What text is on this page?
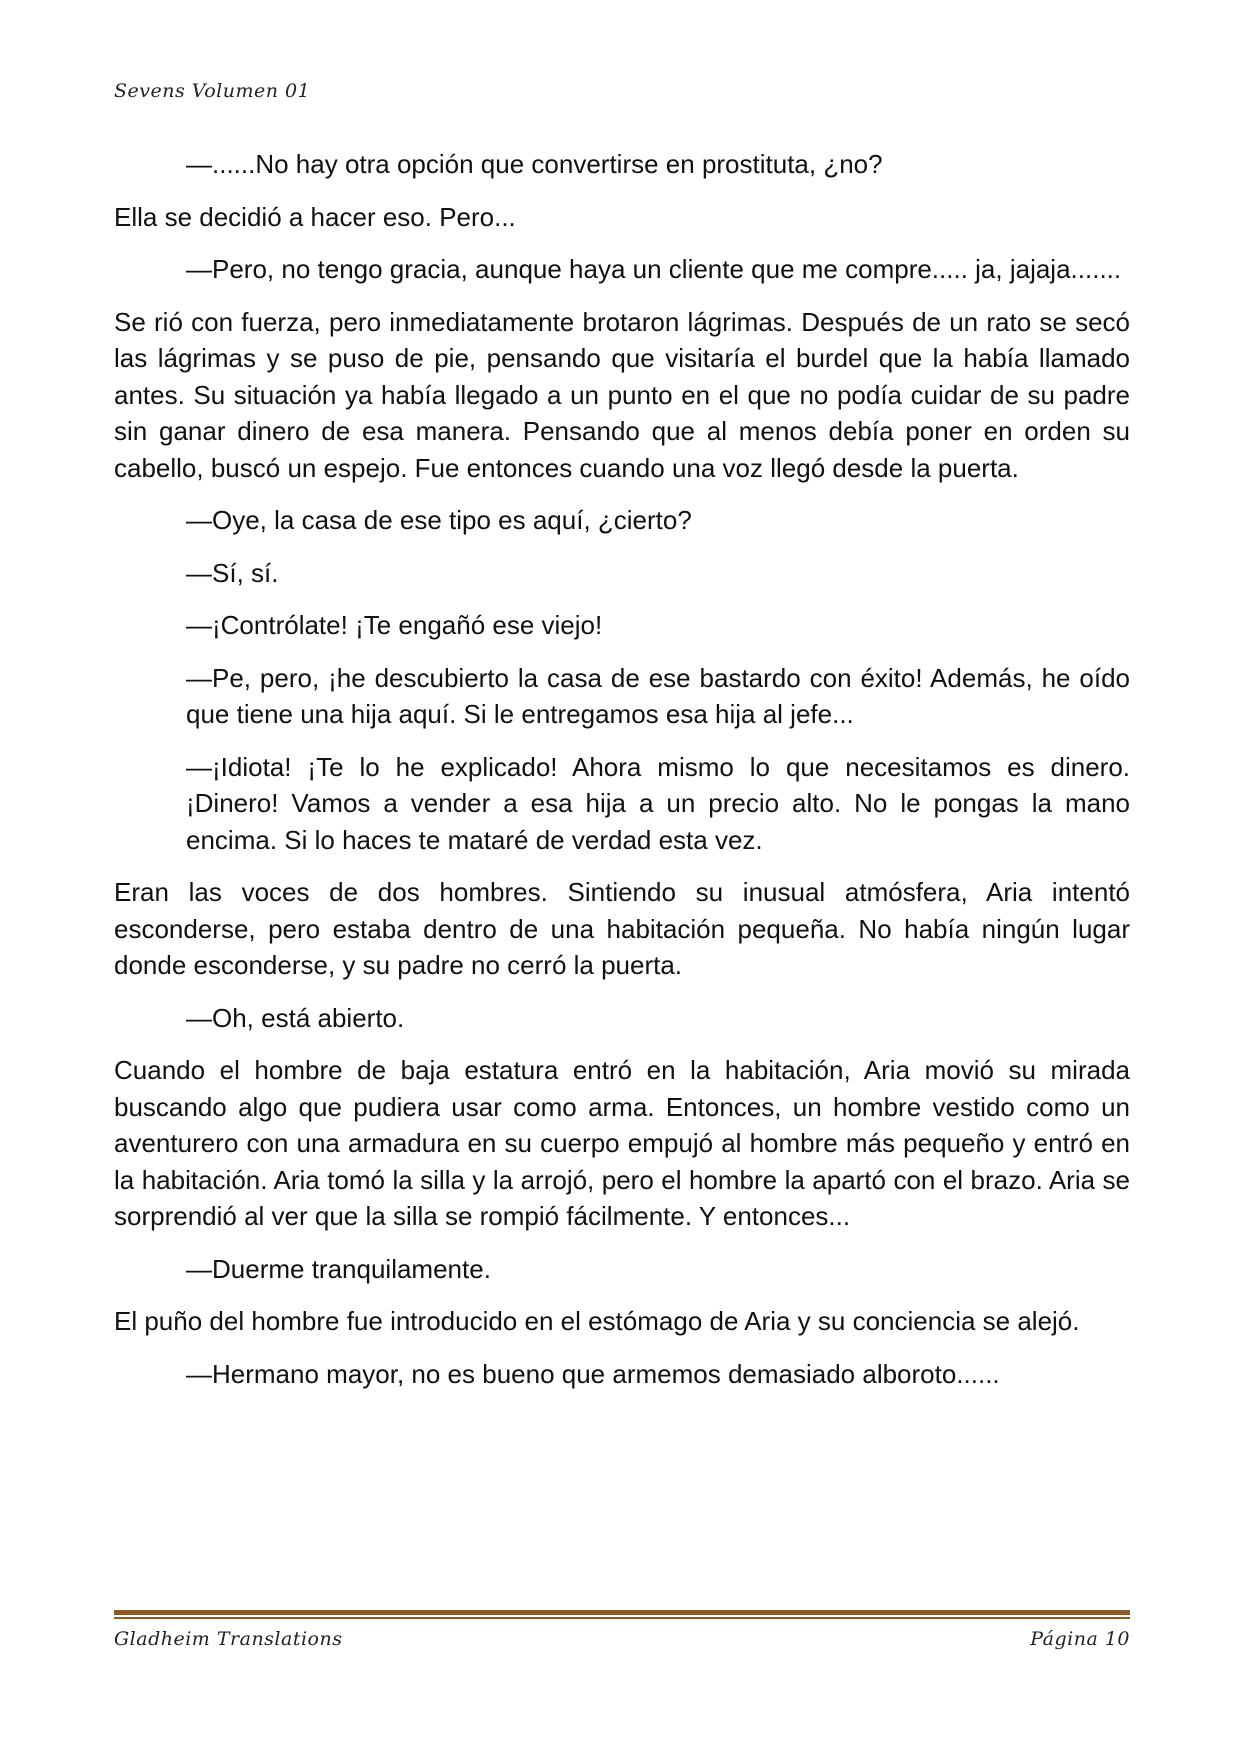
Sevens Volumen 01

—......No hay otra opción que convertirse en prostituta, ¿no?

Ella se decidió a hacer eso. Pero...

—Pero, no tengo gracia, aunque haya un cliente que me compre..... ja, jajaja.......

Se rió con fuerza, pero inmediatamente brotaron lágrimas. Después de un rato se secó las lágrimas y se puso de pie, pensando que visitaría el burdel que la había llamado antes. Su situación ya había llegado a un punto en el que no podía cuidar de su padre sin ganar dinero de esa manera. Pensando que al menos debía poner en orden su cabello, buscó un espejo. Fue entonces cuando una voz llegó desde la puerta.

—Oye, la casa de ese tipo es aquí, ¿cierto?

—Sí, sí.

—¡Contrólate! ¡Te engañó ese viejo!

—Pe, pero, ¡he descubierto la casa de ese bastardo con éxito! Además, he oído que tiene una hija aquí. Si le entregamos esa hija al jefe...

—¡Idiota! ¡Te lo he explicado! Ahora mismo lo que necesitamos es dinero. ¡Dinero! Vamos a vender a esa hija a un precio alto. No le pongas la mano encima. Si lo haces te mataré de verdad esta vez.

Eran las voces de dos hombres. Sintiendo su inusual atmósfera, Aria intentó esconderse, pero estaba dentro de una habitación pequeña. No había ningún lugar donde esconderse, y su padre no cerró la puerta.

—Oh, está abierto.

Cuando el hombre de baja estatura entró en la habitación, Aria movió su mirada buscando algo que pudiera usar como arma. Entonces, un hombre vestido como un aventurero con una armadura en su cuerpo empujó al hombre más pequeño y entró en la habitación. Aria tomó la silla y la arrojó, pero el hombre la apartó con el brazo. Aria se sorprendió al ver que la silla se rompió fácilmente. Y entonces...

—Duerme tranquilamente.

El puño del hombre fue introducido en el estómago de Aria y su conciencia se alejó.

—Hermano mayor, no es bueno que armemos demasiado alboroto......

Gladheim Translations	Página 10
